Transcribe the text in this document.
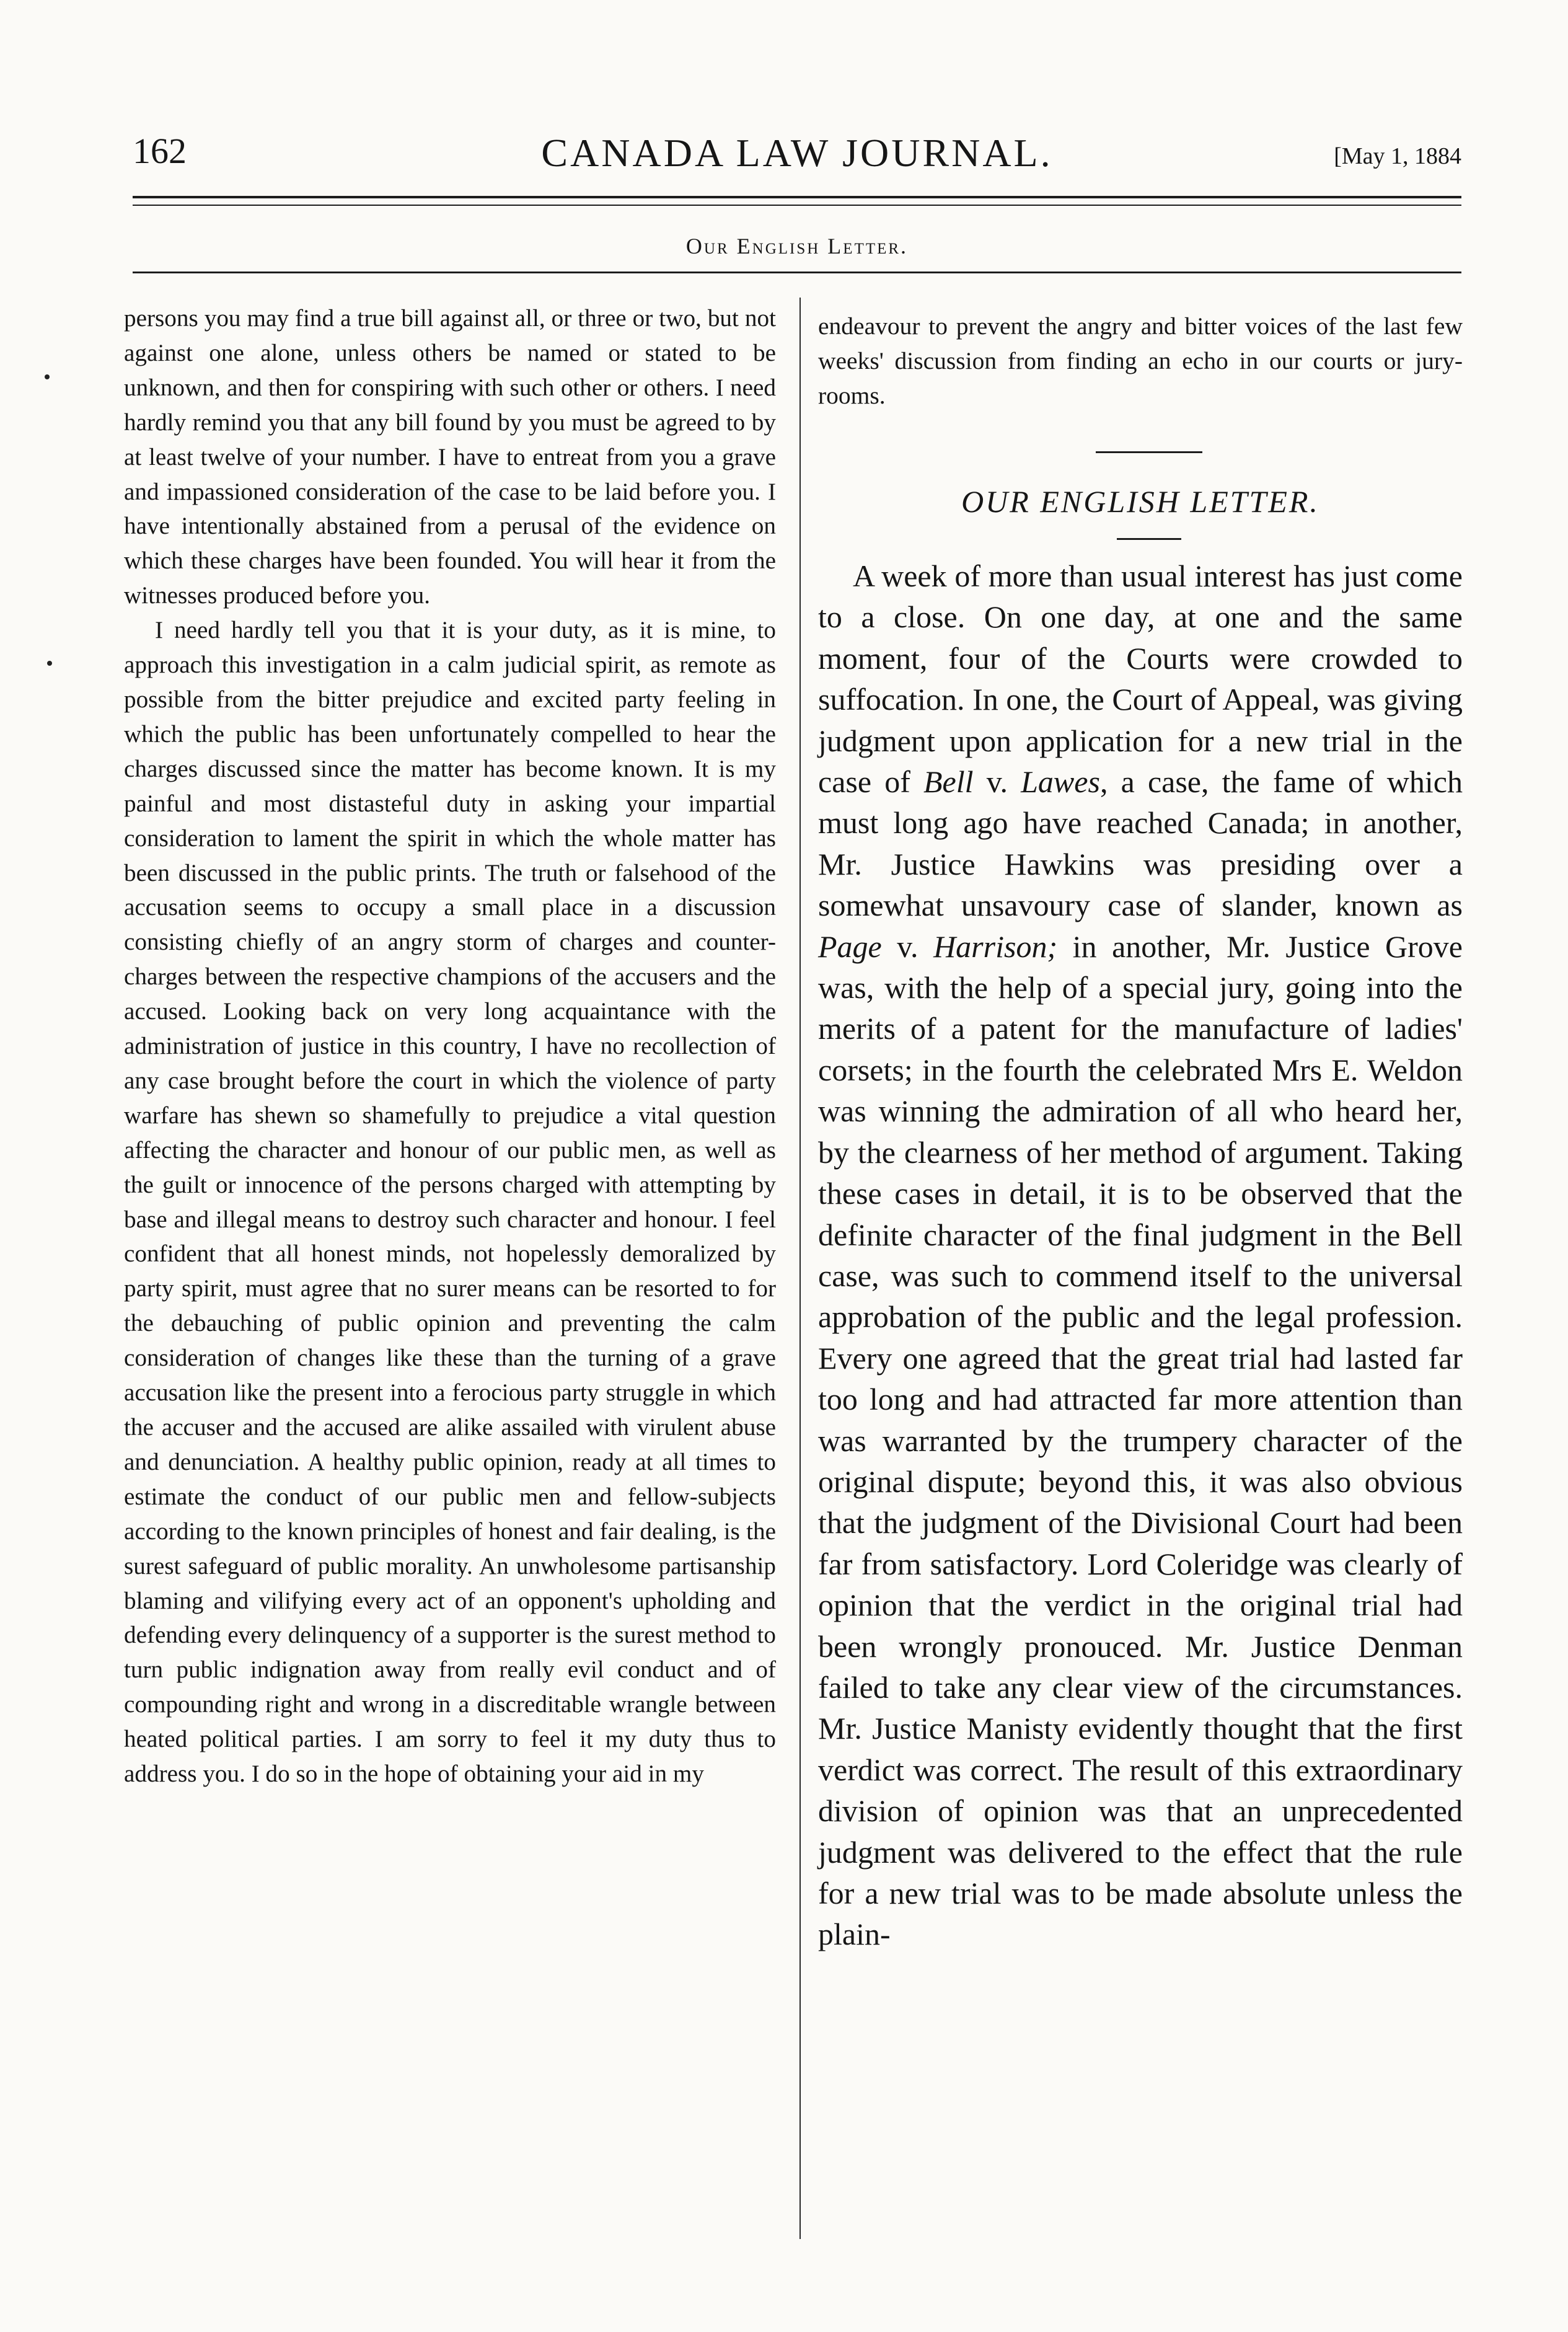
162	CANADA LAW JOURNAL.	[May 1, 1884
Our English Letter.

persons you may find a true bill against all, or three or two, but not against one alone, unless others be named or stated to be unknown, and then for conspiring with such other or others. I need hardly remind you that any bill found by you must be agreed to by at least twelve of your number. I have to entreat from you a grave and impassioned consideration of the case to be laid before you. I have intentionally abstained from a perusal of the evidence on which these charges have been founded. You will hear it from the witnesses produced before you.

I need hardly tell you that it is your duty, as it is mine, to approach this investigation in a calm judicial spirit, as remote as possible from the bitter prejudice and excited party feeling in which the public has been unfortunately compelled to hear the charges discussed since the matter has become known. It is my painful and most distasteful duty in asking your impartial consideration to lament the spirit in which the whole matter has been discussed in the public prints. The truth or falsehood of the accusation seems to occupy a small place in a discussion consisting chiefly of an angry storm of charges and counter-charges between the respective champions of the accusers and the accused. Looking back on very long acquaintance with the administration of justice in this country, I have no recollection of any case brought before the court in which the violence of party warfare has shewn so shamefully to prejudice a vital question affecting the character and honour of our public men, as well as the guilt or innocence of the persons charged with attempting by base and illegal means to destroy such character and honour. I feel confident that all honest minds, not hopelessly demoralized by party spirit, must agree that no surer means can be resorted to for the debauching of public opinion and preventing the calm consideration of changes like these than the turning of a grave accusation like the present into a ferocious party struggle in which the accuser and the accused are alike assailed with virulent abuse and denunciation. A healthy public opinion, ready at all times to estimate the conduct of our public men and fellow-subjects according to the known principles of honest and fair dealing, is the surest safeguard of public morality. An unwholesome partisanship blaming and vilifying every act of an opponent's upholding and defending every delinquency of a supporter is the surest method to turn public indignation away from really evil conduct and of compounding right and wrong in a discreditable wrangle between heated political parties. I am sorry to feel it my duty thus to address you. I do so in the hope of obtaining your aid in my

endeavour to prevent the angry and bitter voices of the last few weeks' discussion from finding an echo in our courts or jury-rooms.

OUR ENGLISH LETTER.

A week of more than usual interest has just come to a close. On one day, at one and the same moment, four of the Courts were crowded to suffocation. In one, the Court of Appeal, was giving judgment upon application for a new trial in the case of Bell v. Lawes, a case, the fame of which must long ago have reached Canada; in another, Mr. Justice Hawkins was presiding over a somewhat unsavoury case of slander, known as Page v. Harrison; in another, Mr. Justice Grove was, with the help of a special jury, going into the merits of a patent for the manufacture of ladies' corsets; in the fourth the celebrated Mrs E. Weldon was winning the admiration of all who heard her, by the clearness of her method of argument. Taking these cases in detail, it is to be observed that the definite character of the final judgment in the Bell case, was such to commend itself to the universal approbation of the public and the legal profession. Every one agreed that the great trial had lasted far too long and had attracted far more attention than was warranted by the trumpery character of the original dispute; beyond this, it was also obvious that the judgment of the Divisional Court had been far from satisfactory. Lord Coleridge was clearly of opinion that the verdict in the original trial had been wrongly pronouced. Mr. Justice Denman failed to take any clear view of the circumstances. Mr. Justice Manisty evidently thought that the first verdict was correct. The result of this extraordinary division of opinion was that an unprecedented judgment was delivered to the effect that the rule for a new trial was to be made absolute unless the plain-
